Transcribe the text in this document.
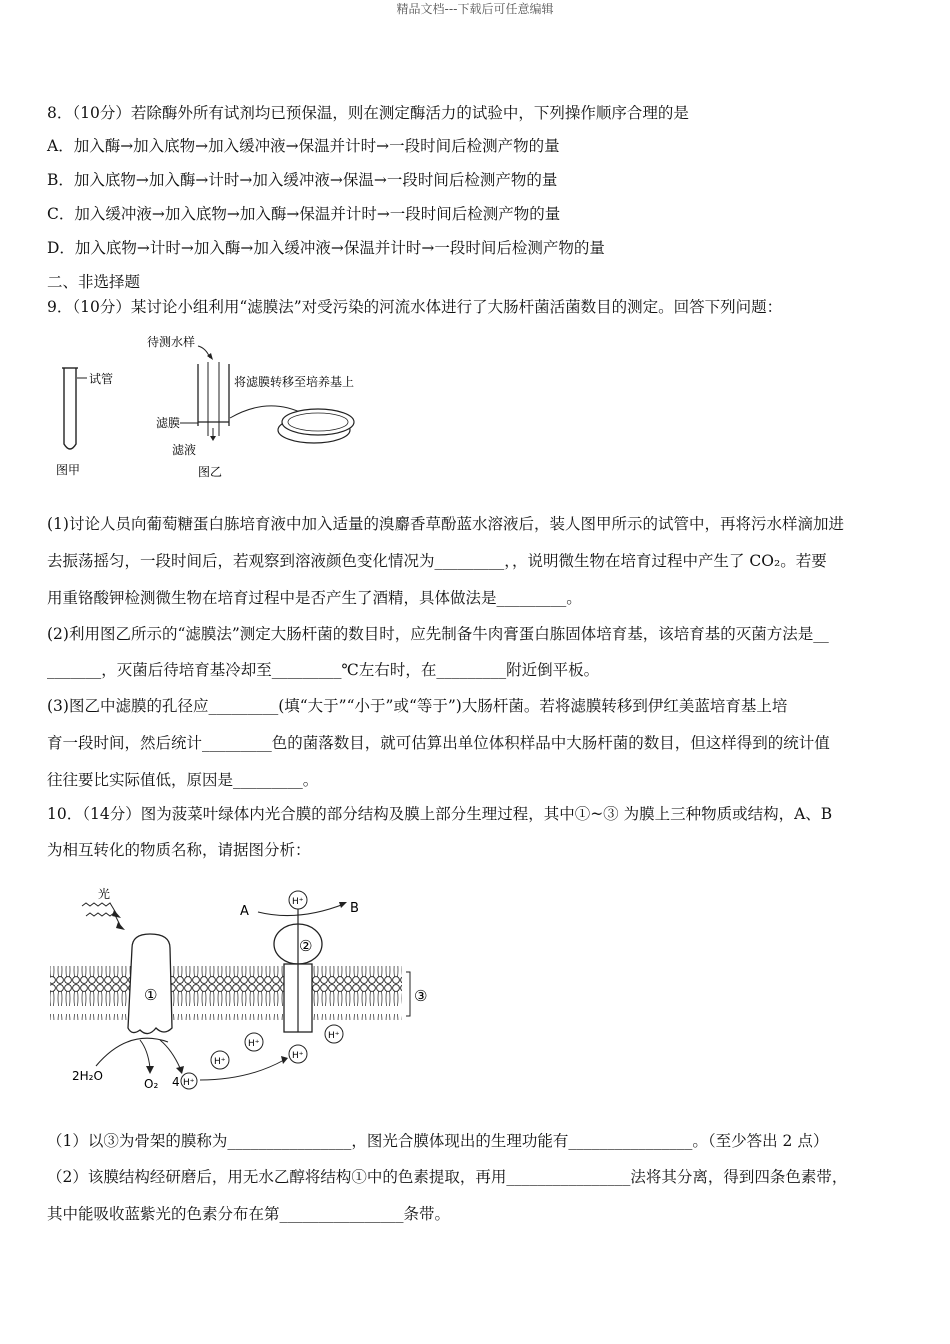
精品文档---下载后可任意编辑
8．（10分）若除酶外所有试剂均已预保温，则在测定酶活力的试验中，下列操作顺序合理的是
A．加入酶→加入底物→加入缓冲液→保温并计时→一段时间后检测产物的量
B．加入底物→加入酶→计时→加入缓冲液→保温→一段时间后检测产物的量
C．加入缓冲液→加入底物→加入酶→保温并计时→一段时间后检测产物的量
D．加入底物→计时→加入酶→加入缓冲液→保温并计时→一段时间后检测产物的量
二、非选择题
9．（10分）某讨论小组利用“滤膜法”对受污染的河流水体进行了大肠杆菌活菌数目的测定。回答下列问题：
试管
图甲
待测水样
将滤膜转移至培养基上
滤膜
滤液
图乙
(1)讨论人员向葡萄糖蛋白胨培育液中加入适量的溴麝香草酚蓝水溶液后，装人图甲所示的试管中，再将污水样滴加进
去振荡摇匀，一段时间后，若观察到溶液颜色变化情况为_________，，说明微生物在培育过程中产生了 CO₂。若要
用重铬酸钾检测微生物在培育过程中是否产生了酒精，具体做法是_________。
(2)利用图乙所示的“滤膜法”测定大肠杆菌的数目时，应先制备牛肉膏蛋白胨固体培育基，该培育基的灭菌方法是__
_______，灭菌后待培育基冷却至_________℃左右时，在_________附近倒平板。
(3)图乙中滤膜的孔径应_________(填“大于”“小于”或“等于”)大肠杆菌。若将滤膜转移到伊红美蓝培育基上培
育一段时间，然后统计_________色的菌落数目，就可估算出单位体积样品中大肠杆菌的数目，但这样得到的统计值
往往要比实际值低，原因是_________。
10．（14分）图为菠菜叶绿体内光合膜的部分结构及膜上部分生理过程，其中①~③ 为膜上三种物质或结构，A、B
为相互转化的物质名称，请据图分析：
③
①
光
②
H⁺
A	B
H⁺
H⁺
H⁺
H⁺
2H₂O
O₂ 4 H⁺
（1）以③为骨架的膜称为________________，图光合膜体现出的生理功能有________________。（至少答出 2 点）
（2）该膜结构经研磨后，用无水乙醇将结构①中的色素提取，再用________________法将其分离，得到四条色素带，
其中能吸收蓝紫光的色素分布在第________________条带。
